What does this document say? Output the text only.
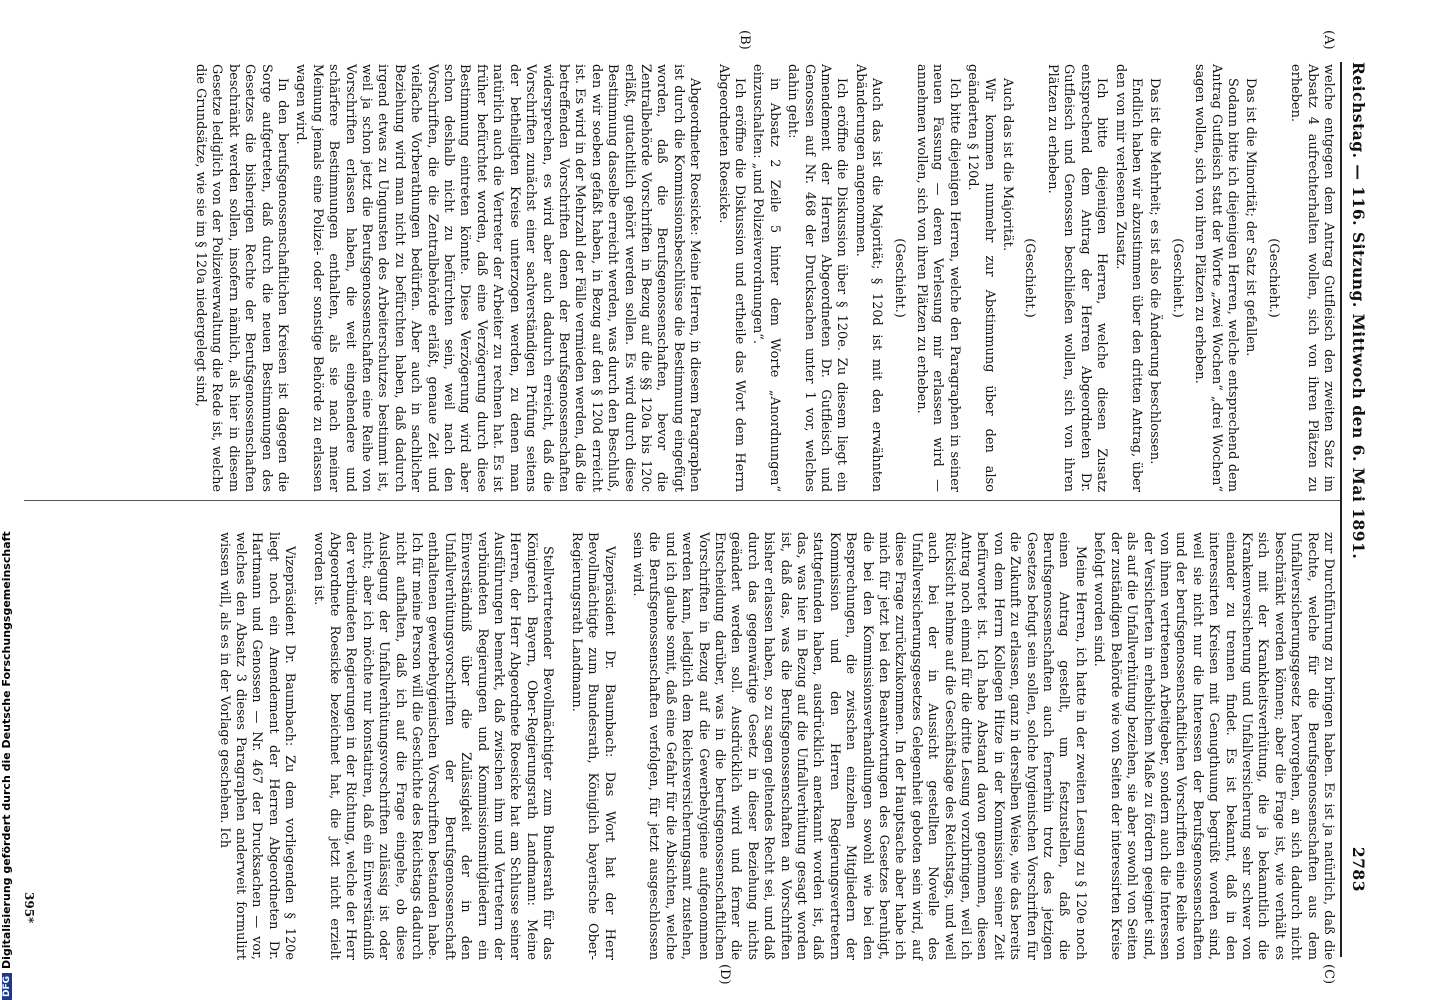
Reichstag. — 116. Sitzung. Mittwoch den 6. Mai 1891.
2783
(A)
(B)
(C)
(D)

welche entgegen dem Antrag Gutfleisch den zweiten Satz im Absatz 4 aufrechterhalten wollen, sich von ihren Plätzen zu erheben.

(Geschieht.)

Das ist die Minorität; der Satz ist gefallen.

Sodann bitte ich diejenigen Herren, welche entsprechend dem Antrag Gutfleisch statt der Worte „zwei Wochen“ „drei Wochen“ sagen wollen, sich von ihren Plätzen zu erheben.

(Geschieht.)

Das ist die Mehrheit; es ist also die Änderung beschlossen.

Endlich haben wir abzustimmen über den dritten Antrag, über den von mir verlesenen Zusatz.

Ich bitte diejenigen Herren, welche diesen Zusatz entsprechend dem Antrag der Herren Abgeordneten Dr. Gutfleisch und Genossen beschließen wollen, sich von ihren Plätzen zu erheben.

(Geschieht.)

Auch das ist die Majorität.

Wir kommen nunmehr zur Abstimmung über den also geänderten § 120d.

Ich bitte diejenigen Herren, welche den Paragraphen in seiner neuen Fassung — deren Verlesung mir erlassen wird — annehmen wollen, sich von ihren Plätzen zu erheben.

(Geschieht.)

Auch das ist die Majorität; § 120d ist mit den erwähnten Abänderungen angenommen.

Ich eröffne die Diskussion über § 120e. Zu diesem liegt ein Amendement der Herren Abgeordneten Dr. Gutfleisch und Genossen auf Nr. 468 der Drucksachen unter 1 vor, welches dahin geht:

in Absatz 2 Zeile 5 hinter dem Worte „Anordnungen“ einzuschalten: „und Polizeiverordnungen“.

Ich eröffne die Diskussion und ertheile das Wort dem Herrn Abgeordneten Roesicke.

Abgeordneter Roesicke: Meine Herren, in diesem Paragraphen ist durch die Kommissionsbeschlüsse die Bestimmung eingefügt worden, daß die Berufsgenossenschaften, bevor die Zentralbehörde Vorschriften in Bezug auf die §§ 120a bis 120c erläßt, gutachtlich gehört werden sollen. Es wird durch diese Bestimmung dasselbe erreicht werden, was durch den Beschluß, den wir soeben gefaßt haben, in Bezug auf den § 120d erreicht ist. Es wird in der Mehrzahl der Fälle vermieden werden, daß die betreffenden Vorschriften denen der Berufsgenossenschaften widersprechen, es wird aber auch dadurch erreicht, daß die Vorschriften zunächst einer sachverständigen Prüfung seitens der betheiligten Kreise unterzogen werden, zu denen man natürlich auch die Vertreter der Arbeiter zu rechnen hat. Es ist früher befürchtet worden, daß eine Verzögerung durch diese Bestimmung eintreten könnte. Diese Verzögerung wird aber schon deshalb nicht zu befürchten sein, weil nach den Vorschriften, die die Zentralbehörde erläßt, genaue Zeit und vielfache Vorberathungen bedürfen. Aber auch in sachlicher Beziehung wird man nicht zu befürchten haben, daß dadurch irgend etwas zu Ungunsten des Arbeiterschutzes bestimmt ist, weil ja schon jetzt die Berufsgenossenschaften eine Reihe von Vorschriften erlassen haben, die weit eingehendere und schärfere Bestimmungen enthalten, als sie nach meiner Meinung jemals eine Polizei- oder sonstige Behörde zu erlassen wagen wird.

In den berufsgenossenschaftlichen Kreisen ist dagegen die Sorge aufgetreten, daß durch die neuen Bestimmungen des Gesetzes die bisherigen Rechte der Berufsgenossenschaften beschränkt werden sollen, insofern nämlich, als hier in diesem Gesetze lediglich von der Polizeiverwaltung die Rede ist, welche die Grundsätze, wie sie im § 120a niedergelegt sind,

zur Durchführung zu bringen haben. Es ist ja natürlich, daß die Rechte, welche für die Berufsgenossenschaften aus dem Unfallversicherungsgesetz hervorgehen, an sich dadurch nicht beschränkt werden können; aber die Frage ist, wie verhält es sich mit der Krankheitsverhütung, die ja bekanntlich die Krankenversicherung und Unfallversicherung sehr schwer von einander zu trennen findet. Es ist bekannt, daß in den interessirten Kreisen mit Genugthuung begrüßt worden sind, weil sie nicht nur die Interessen der Berufsgenossenschaften und der berufsgenossenschaftlichen Vorschriften eine Reihe von von ihnen vertretenen Arbeitgeber, sondern auch die Interessen der Versicherten in erheblichem Maße zu fördern geeignet sind, als auf die Unfallverhütung beziehen, sie aber sowohl von Seiten der zuständigen Behörde wie von Seiten der interessirten Kreise befolgt worden sind.

Meine Herren, ich hatte in der zweiten Lesung zu § 120e noch einen Antrag gestellt, um festzustellen, daß die Berufsgenossenschaften auch fernerhin trotz des jetzigen Gesetzes befugt sein sollen, solche hygienischen Vorschriften für die Zukunft zu erlassen, ganz in derselben Weise, wie das bereits von dem Herrn Kollegen Hitze in der Kommission seiner Zeit befürwortet ist. Ich habe Abstand davon genommen, diesen Antrag noch einmal für die dritte Lesung vorzubringen, weil ich Rücksicht nehme auf die Geschäftslage des Reichstags, und weil auch bei der in Aussicht gestellten Novelle des Unfallversicherungsgesetzes Gelegenheit geboten sein wird, auf diese Frage zurückzukommen. In der Hauptsache aber habe ich mich für jetzt bei den Beantwortungen des Gesetzes beruhigt, die bei den Kommissionsverhandlungen sowohl wie bei den Besprechungen, die zwischen einzelnen Mitgliedern der Kommission und den Herren Regierungsvertretern stattgefunden haben, ausdrücklich anerkannt worden ist, daß das, was hier in Bezug auf die Unfallverhütung gesagt worden ist, daß das, was die Berufsgenossenschaften an Vorschriften bisher erlassen haben, so zu sagen geltendes Recht sei, und daß durch das gegenwärtige Gesetz in dieser Beziehung nichts geändert werden soll. Ausdrücklich wird und ferner die Entscheidung darüber, was in die berufsgenossenschaftlichen Vorschriften in Bezug auf die Gewerbehygiene aufgenommen werden kann, lediglich dem Reichsversicherungsamt zustehen, und ich glaube somit, daß eine Gefahr für die Absichten, welche die Berufsgenossenschaften verfolgen, für jetzt ausgeschlossen sein wird.

Vizepräsident Dr. Baumbach: Das Wort hat der Herr Bevollmächtigte zum Bundesrath, Königlich bayerische Ober-Regierungsrath Landmann.

Stellvertretender Bevollmächtigter zum Bundesrath für das Königreich Bayern, Ober-Regierungsrath Landmann: Meine Herren, der Herr Abgeordnete Roesicke hat am Schlusse seiner Ausführungen bemerkt, daß zwischen ihm und Vertretern der verbündeten Regierungen und Kommissionsmitgliedern ein Einverständniß über die Zulässigkeit der in den Unfallverhütungsvorschriften der Berufsgenossenschaft enthaltenen gewerbehygienischen Vorschriften bestanden habe. Ich für meine Person will die Geschichte des Reichstags dadurch nicht aufhalten, daß ich auf die Frage eingehe, ob diese Auslegung der Unfallverhütungsvorschriften zulässig ist oder nicht; aber ich möchte nur konstatiren, daß ein Einverständniß der verbündeten Regierungen in der Richtung, welche der Herr Abgeordnete Roesicke bezeichnet hat, die jetzt nicht erzielt worden ist.

Vizepräsident Dr. Baumbach: Zu dem vorliegenden § 120e liegt noch ein Amendement der Herren Abgeordneten Dr. Hartmann und Genossen — Nr. 467 der Drucksachen — vor, welches den Absatz 3 dieses Paragraphen anderweit formulirt wissen will, als es in der Vorlage geschehen. Ich

395*
DFGDigitalisierung gefördert durch die Deutsche Forschungsgemeinschaft
